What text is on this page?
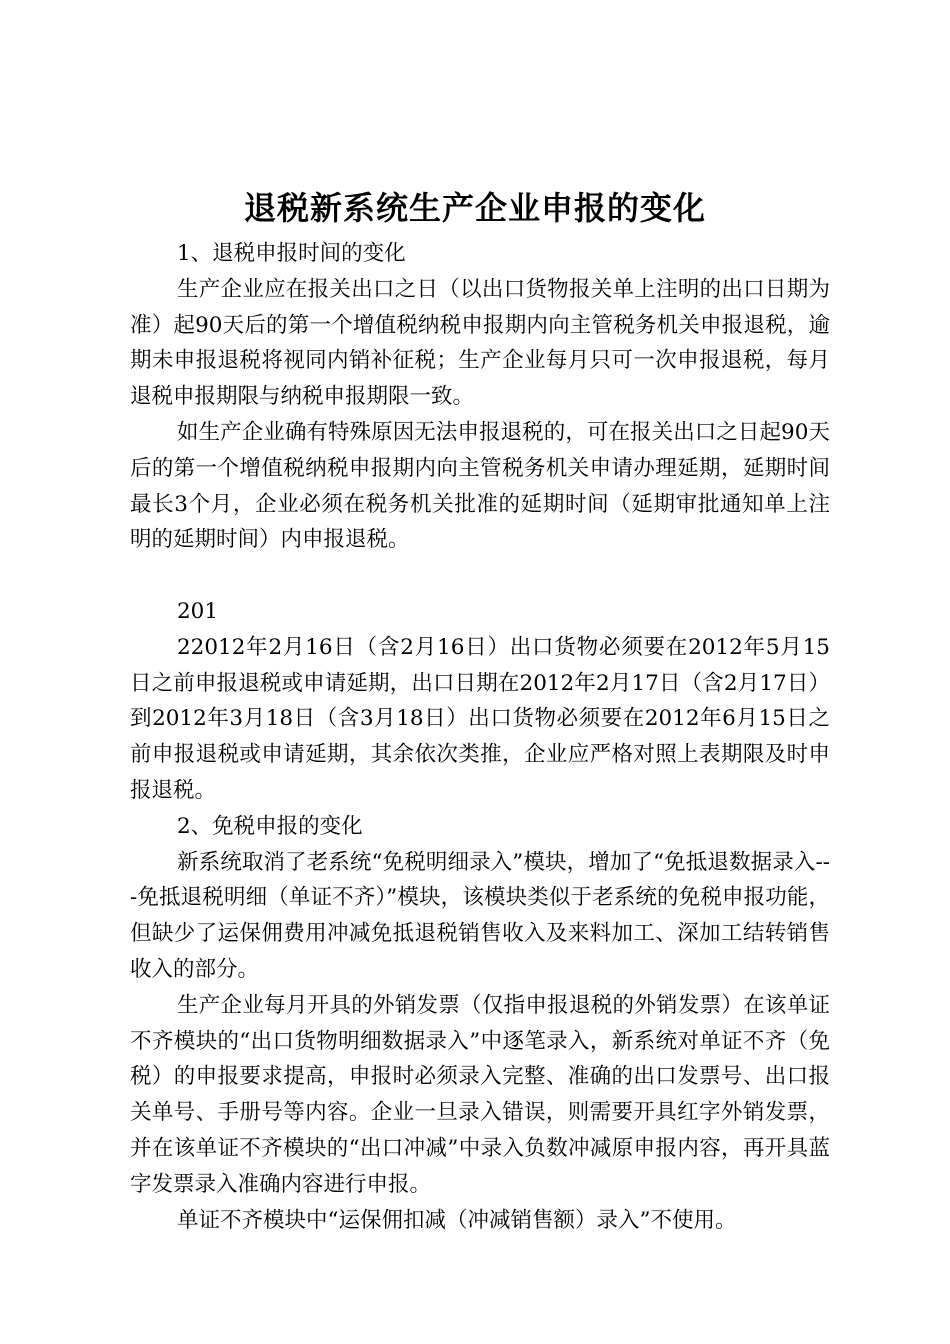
退税新系统生产企业申报的变化

1、退税申报时间的变化

生产企业应在报关出口之日（以出口货物报关单上注明的出口日期为准）起90天后的第一个增值税纳税申报期内向主管税务机关申报退税，逾期未申报退税将视同内销补征税；生产企业每月只可一次申报退税，每月退税申报期限与纳税申报期限一致。

如生产企业确有特殊原因无法申报退税的，可在报关出口之日起90天后的第一个增值税纳税申报期内向主管税务机关申请办理延期，延期时间最长3个月，企业必须在税务机关批准的延期时间（延期审批通知单上注明的延期时间）内申报退税。

201

22012年2月16日（含2月16日）出口货物必须要在2012年5月15日之前申报退税或申请延期，出口日期在2012年2月17日（含2月17日）到2012年3月18日（含3月18日）出口货物必须要在2012年6月15日之前申报退税或申请延期，其余依次类推，企业应严格对照上表期限及时申报退税。

2、免税申报的变化

新系统取消了老系统“免税明细录入”模块，增加了“免抵退数据录入---免抵退税明细（单证不齐）”模块，该模块类似于老系统的免税申报功能，但缺少了运保佣费用冲减免抵退税销售收入及来料加工、深加工结转销售收入的部分。

生产企业每月开具的外销发票（仅指申报退税的外销发票）在该单证不齐模块的“出口货物明细数据录入”中逐笔录入，新系统对单证不齐（免税）的申报要求提高，申报时必须录入完整、准确的出口发票号、出口报关单号、手册号等内容。企业一旦录入错误，则需要开具红字外销发票，并在该单证不齐模块的“出口冲减”中录入负数冲减原申报内容，再开具蓝字发票录入准确内容进行申报。

单证不齐模块中“运保佣扣减（冲减销售额）录入”不使用。
